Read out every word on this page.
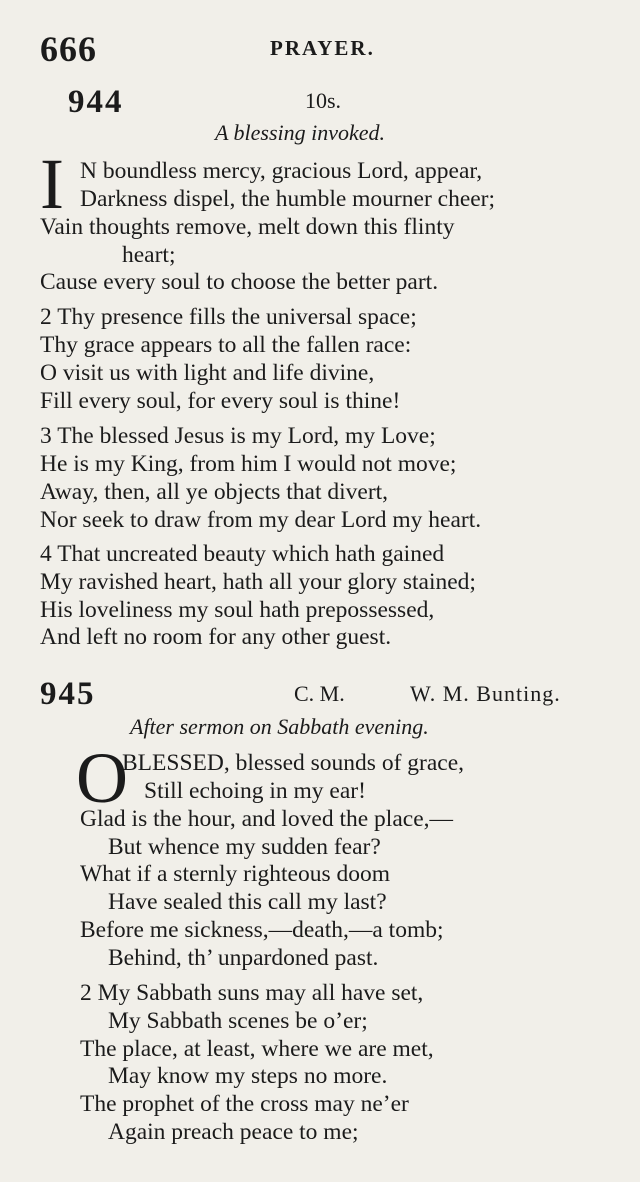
666	PRAYER.
944	10s.
A blessing invoked.
I N boundless mercy, gracious Lord, appear,
Darkness dispel, the humble mourner cheer;
Vain thoughts remove, melt down this flinty
heart;
Cause every soul to choose the better part.
2 Thy presence fills the universal space;
Thy grace appears to all the fallen race:
O visit us with light and life divine,
Fill every soul, for every soul is thine!
3 The blessed Jesus is my Lord, my Love;
He is my King, from him I would not move;
Away, then, all ye objects that divert,
Nor seek to draw from my dear Lord my heart.
4 That uncreated beauty which hath gained
My ravished heart, hath all your glory stained;
His loveliness my soul hath prepossessed,
And left no room for any other guest.
945	C. M.	W. M. Bunting.
After sermon on Sabbath evening.
O
BLESSED, blessed sounds of grace,
Still echoing in my ear!
Glad is the hour, and loved the place,—
But whence my sudden fear?
What if a sternly righteous doom
Have sealed this call my last?
Before me sickness,—death,—a tomb;
Behind, th’ unpardoned past.
2 My Sabbath suns may all have set,
My Sabbath scenes be o’er;
The place, at least, where we are met,
May know my steps no more.
The prophet of the cross may ne’er
Again preach peace to me;
